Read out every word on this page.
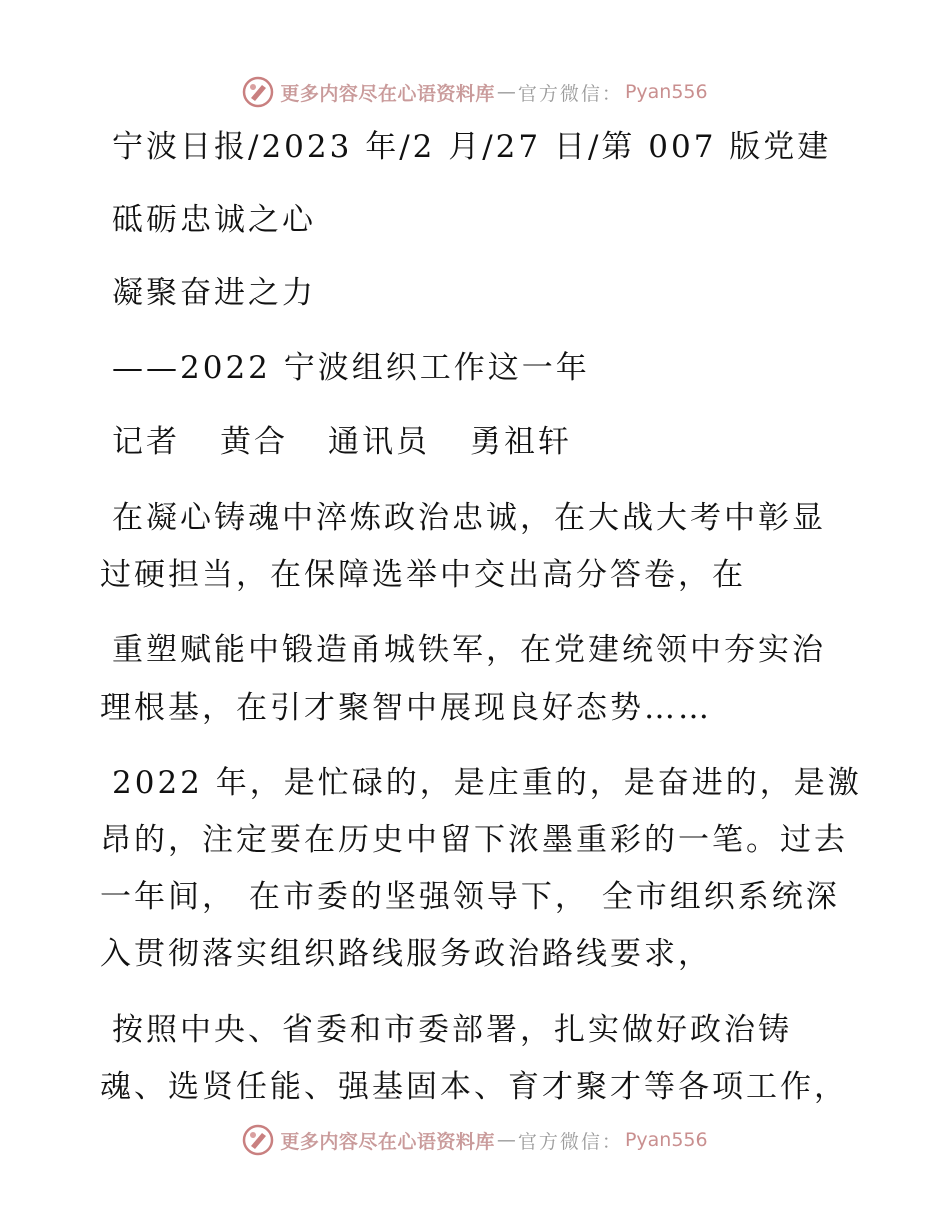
更多内容尽在心语资料库 — 官方微信： Pyan556
宁波日报/2023 年/2 月/27 日/第 007 版党建
砥砺忠诚之心
凝聚奋进之力
——2022 宁波组织工作这一年
记者 黄合 通讯员 勇祖轩
在凝心铸魂中淬炼政治忠诚，在大战大考中彰显
过硬担当，在保障选举中交出高分答卷，在
重塑赋能中锻造甬城铁军，在党建统领中夯实治
理根基，在引才聚智中展现良好态势……
2022 年，是忙碌的，是庄重的，是奋进的，是激
昂的，注定要在历史中留下浓墨重彩的一笔。过去
一年间， 在市委的坚强领导下， 全市组织系统深
入贯彻落实组织路线服务政治路线要求，
按照中央、省委和市委部署，扎实做好政治铸
魂、选贤任能、强基固本、育才聚才等各项工作，
更多内容尽在心语资料库 — 官方微信： Pyan556
